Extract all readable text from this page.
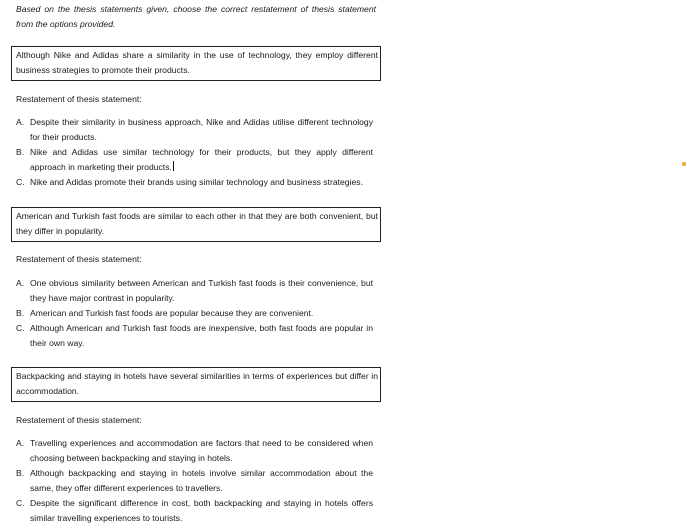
Based on the thesis statements given, choose the correct restatement of thesis statement from the options provided.
Although Nike and Adidas share a similarity in the use of technology, they employ different business strategies to promote their products.
Restatement of thesis statement:
A. Despite their similarity in business approach, Nike and Adidas utilise different technology for their products.
B. Nike and Adidas use similar technology for their products, but they apply different approach in marketing their products.
C. Nike and Adidas promote their brands using similar technology and business strategies.
American and Turkish fast foods are similar to each other in that they are both convenient, but they differ in popularity.
Restatement of thesis statement:
A. One obvious similarity between American and Turkish fast foods is their convenience, but they have major contrast in popularity.
B. American and Turkish fast foods are popular because they are convenient.
C. Although American and Turkish fast foods are inexpensive, both fast foods are popular in their own way.
Backpacking and staying in hotels have several similarities in terms of experiences but differ in accommodation.
Restatement of thesis statement:
A. Travelling experiences and accommodation are factors that need to be considered when choosing between backpacking and staying in hotels.
B. Although backpacking and staying in hotels involve similar accommodation about the same, they offer different experiences to travellers.
C. Despite the significant difference in cost, both backpacking and staying in hotels offers similar travelling experiences to tourists.
